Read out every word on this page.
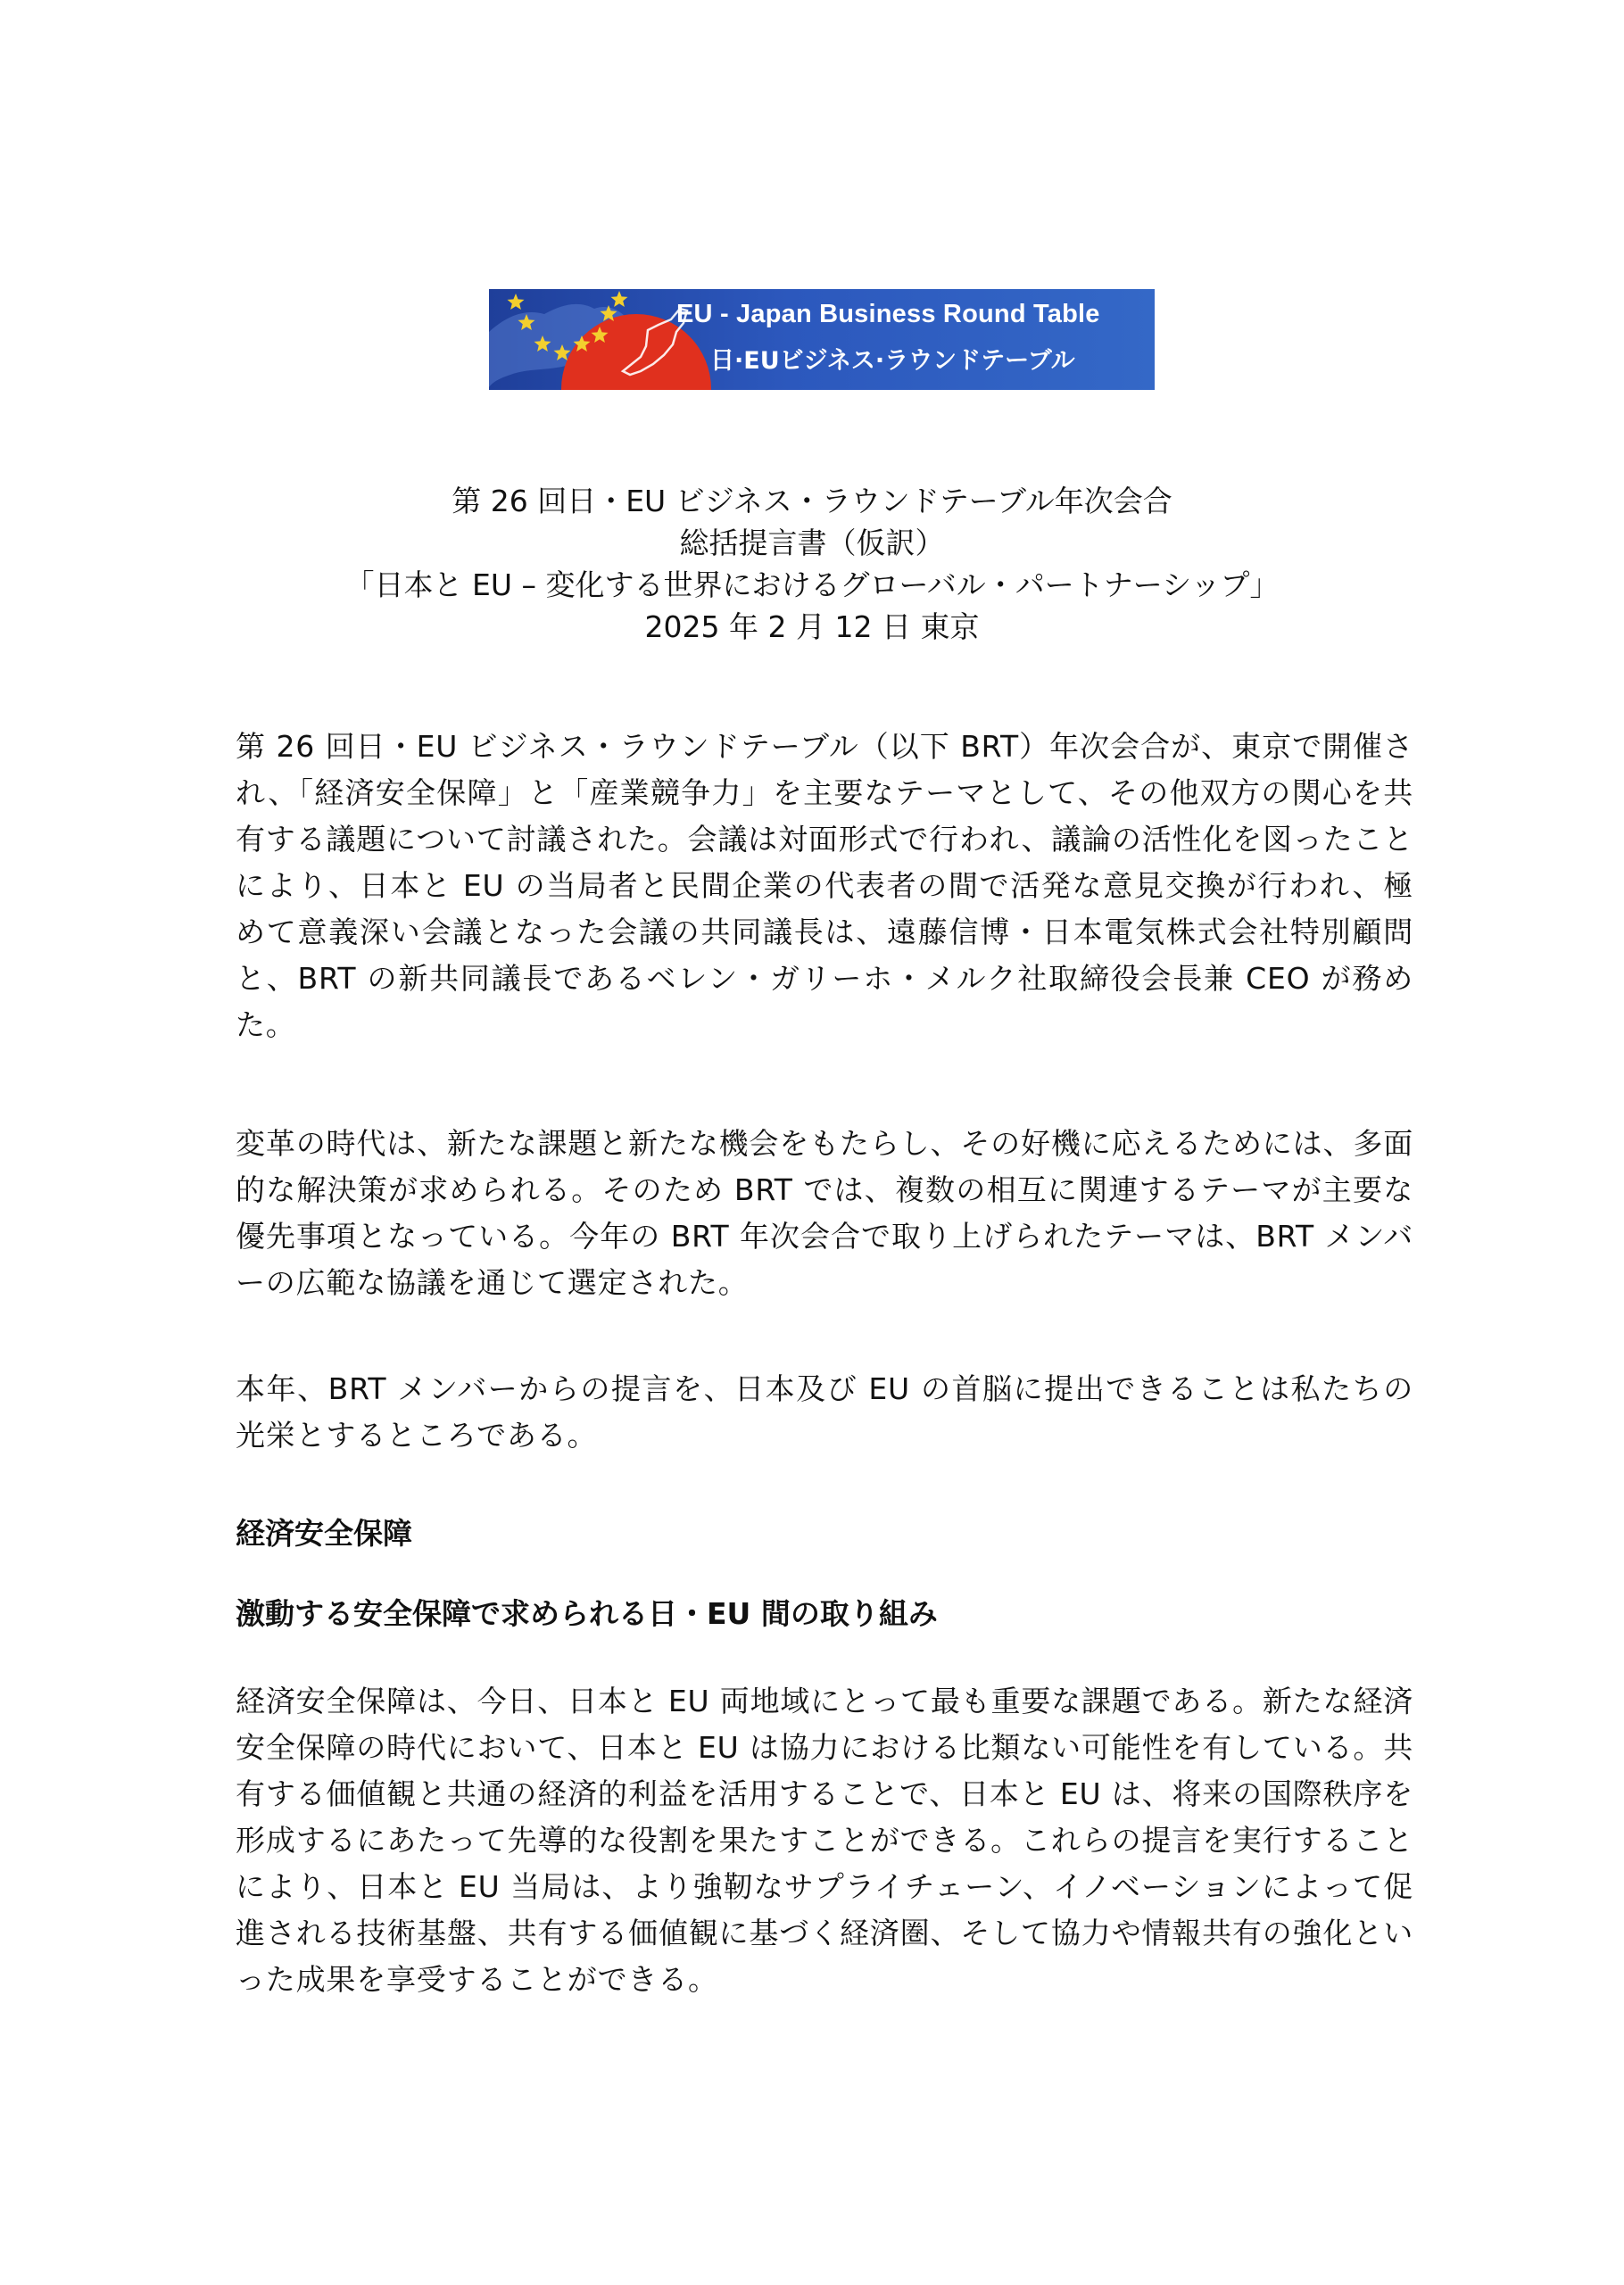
EU - Japan Business Round Table
日·EUビジネス·ラウンドテーブル
第 26 回日・EU ビジネス・ラウンドテーブル年次会合
総括提言書（仮訳）
「日本と EU – 変化する世界におけるグローバル・パートナーシップ」
2025 年 2 月 12 日 東京

第 26 回日・EU ビジネス・ラウンドテーブル（以下 BRT）年次会合が、東京で開催され、「経済安全保障」と「産業競争力」を主要なテーマとして、その他双方の関心を共有する議題について討議された。会議は対面形式で行われ、議論の活性化を図ったことにより、日本と EU の当局者と民間企業の代表者の間で活発な意見交換が行われ、極めて意義深い会議となった会議の共同議長は、遠藤信博・日本電気株式会社特別顧問と、BRT の新共同議長であるベレン・ガリーホ・メルク社取締役会長兼 CEO が務めた。

変革の時代は、新たな課題と新たな機会をもたらし、その好機に応えるためには、多面的な解決策が求められる。そのため BRT では、複数の相互に関連するテーマが主要な優先事項となっている。今年の BRT 年次会合で取り上げられたテーマは、BRT メンバーの広範な協議を通じて選定された。

本年、BRT メンバーからの提言を、日本及び EU の首脳に提出できることは私たちの光栄とするところである。

経済安全保障

激動する安全保障で求められる日・EU 間の取り組み

経済安全保障は、今日、日本と EU 両地域にとって最も重要な課題である。新たな経済安全保障の時代において、日本と EU は協力における比類ない可能性を有している。共有する価値観と共通の経済的利益を活用することで、日本と EU は、将来の国際秩序を形成するにあたって先導的な役割を果たすことができる。これらの提言を実行することにより、日本と EU 当局は、より強靭なサプライチェーン、イノベーションによって促進される技術基盤、共有する価値観に基づく経済圏、そして協力や情報共有の強化といった成果を享受することができる。
